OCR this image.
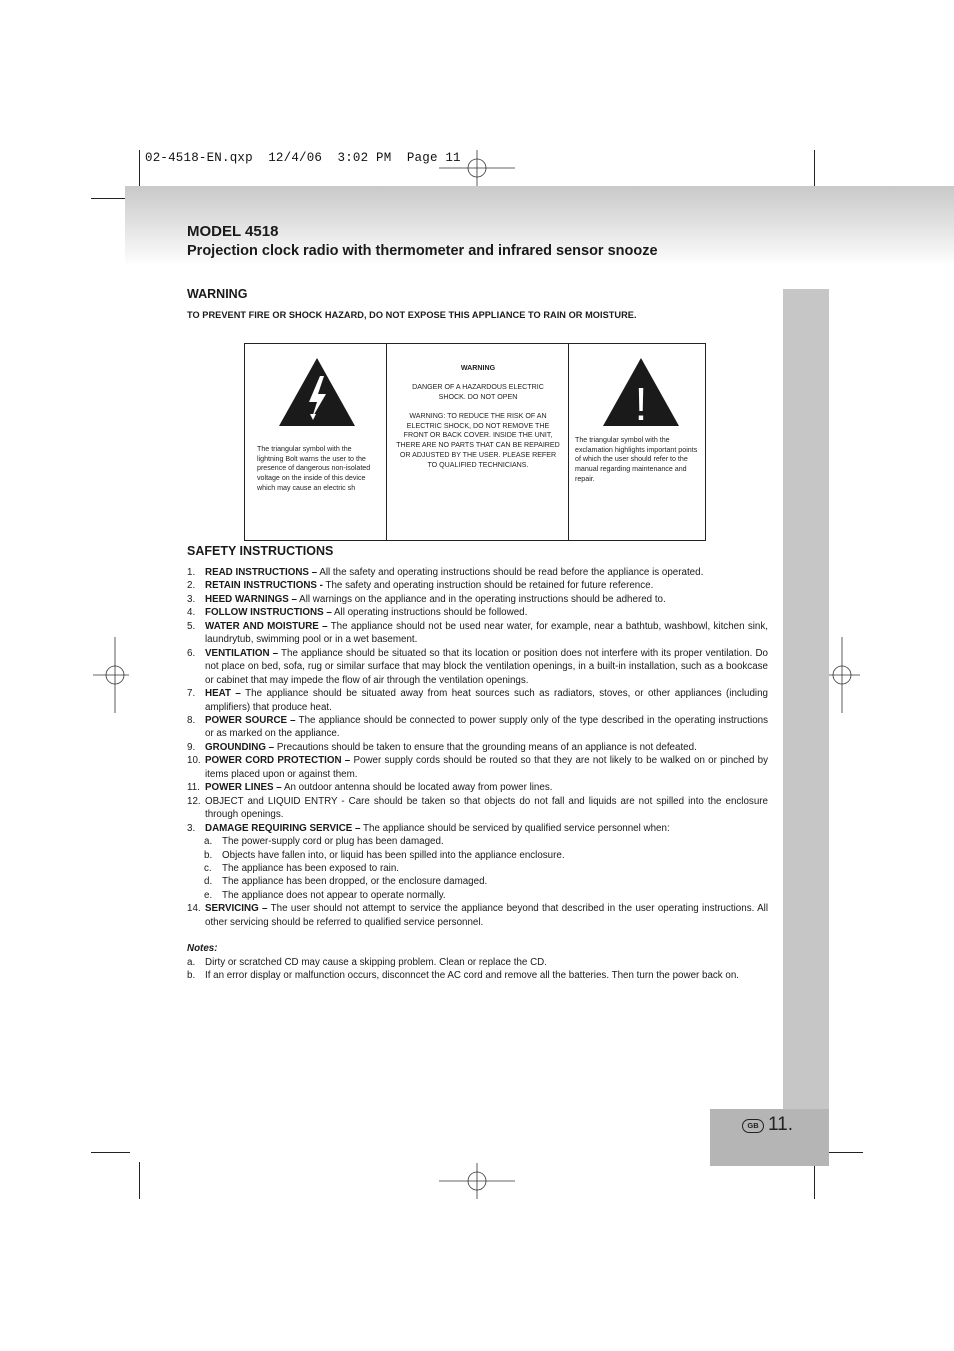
02-4518-EN.qxp  12/4/06  3:02 PM  Page 11
GB 11.
MODEL 4518
Projection clock radio with thermometer and infrared sensor snooze
WARNING
TO PREVENT FIRE OR SHOCK HAZARD, DO NOT EXPOSE THIS APPLIANCE TO RAIN OR MOISTURE.
The triangular symbol with the lightning Bolt warns the user to the presence of dangerous non-isolated voltage on the inside of this device which may cause an electric sh
WARNING
DANGER OF A HAZARDOUS ELECTRIC SHOCK. DO NOT OPEN
WARNING: TO REDUCE THE RISK OF AN ELECTRIC SHOCK, DO NOT REMOVE THE FRONT OR BACK COVER. INSIDE THE UNIT, THERE ARE NO PARTS THAT CAN BE REPAIRED OR ADJUSTED BY THE USER. PLEASE REFER TO QUALIFIED TECHNICIANS.
!
The triangular symbol with the exclamation highlights important points of which the user should refer to the manual regarding maintenance and repair.
SAFETY INSTRUCTIONS
1. READ INSTRUCTIONS – All the safety and operating instructions should be read before the appliance is operated.
2. RETAIN INSTRUCTIONS - The safety and operating instruction should be retained for future reference.
3. HEED WARNINGS – All warnings on the appliance and in the operating instructions should be adhered to.
4. FOLLOW INSTRUCTIONS – All operating instructions should be followed.
5. WATER AND MOISTURE – The appliance should not be used near water, for example, near a bathtub, washbowl, kitchen sink, laundrytub, swimming pool or in a wet basement.
6. VENTILATION – The appliance should be situated so that its location or position does not interfere with its proper ventilation. Do not place on bed, sofa, rug or similar surface that may block the ventilation openings, in a built-in installation, such as a bookcase or cabinet that may impede the flow of air through the ventilation openings.
7. HEAT – The appliance should be situated away from heat sources such as radiators, stoves, or other appliances (including amplifiers) that produce heat.
8. POWER SOURCE – The appliance should be connected to power supply only of the type described in the operating instructions or as marked on the appliance.
9. GROUNDING – Precautions should be taken to ensure that the grounding means of an appliance is not defeated.
10. POWER CORD PROTECTION – Power supply cords should be routed so that they are not likely to be walked on or pinched by items placed upon or against them.
11. POWER LINES – An outdoor antenna should be located away from power lines.
12. OBJECT and LIQUID ENTRY - Care should be taken so that objects do not fall and liquids are not spilled into the enclosure through openings.
3. DAMAGE REQUIRING SERVICE – The appliance should be serviced by qualified service personnel when:
a. The power-supply cord or plug has been damaged.
b. Objects have fallen into, or liquid has been spilled into the appliance enclosure.
c. The appliance has been exposed to rain.
d. The appliance has been dropped, or the enclosure damaged.
e. The appliance does not appear to operate normally.
14. SERVICING – The user should not attempt to service the appliance beyond that described in the user operating instructions. All other servicing should be referred to qualified service personnel.
Notes:
a. Dirty or scratched CD may cause a skipping problem. Clean or replace the CD.
b. If an error display or malfunction occurs, disconncet the AC cord and remove all the batteries. Then turn the power back on.
